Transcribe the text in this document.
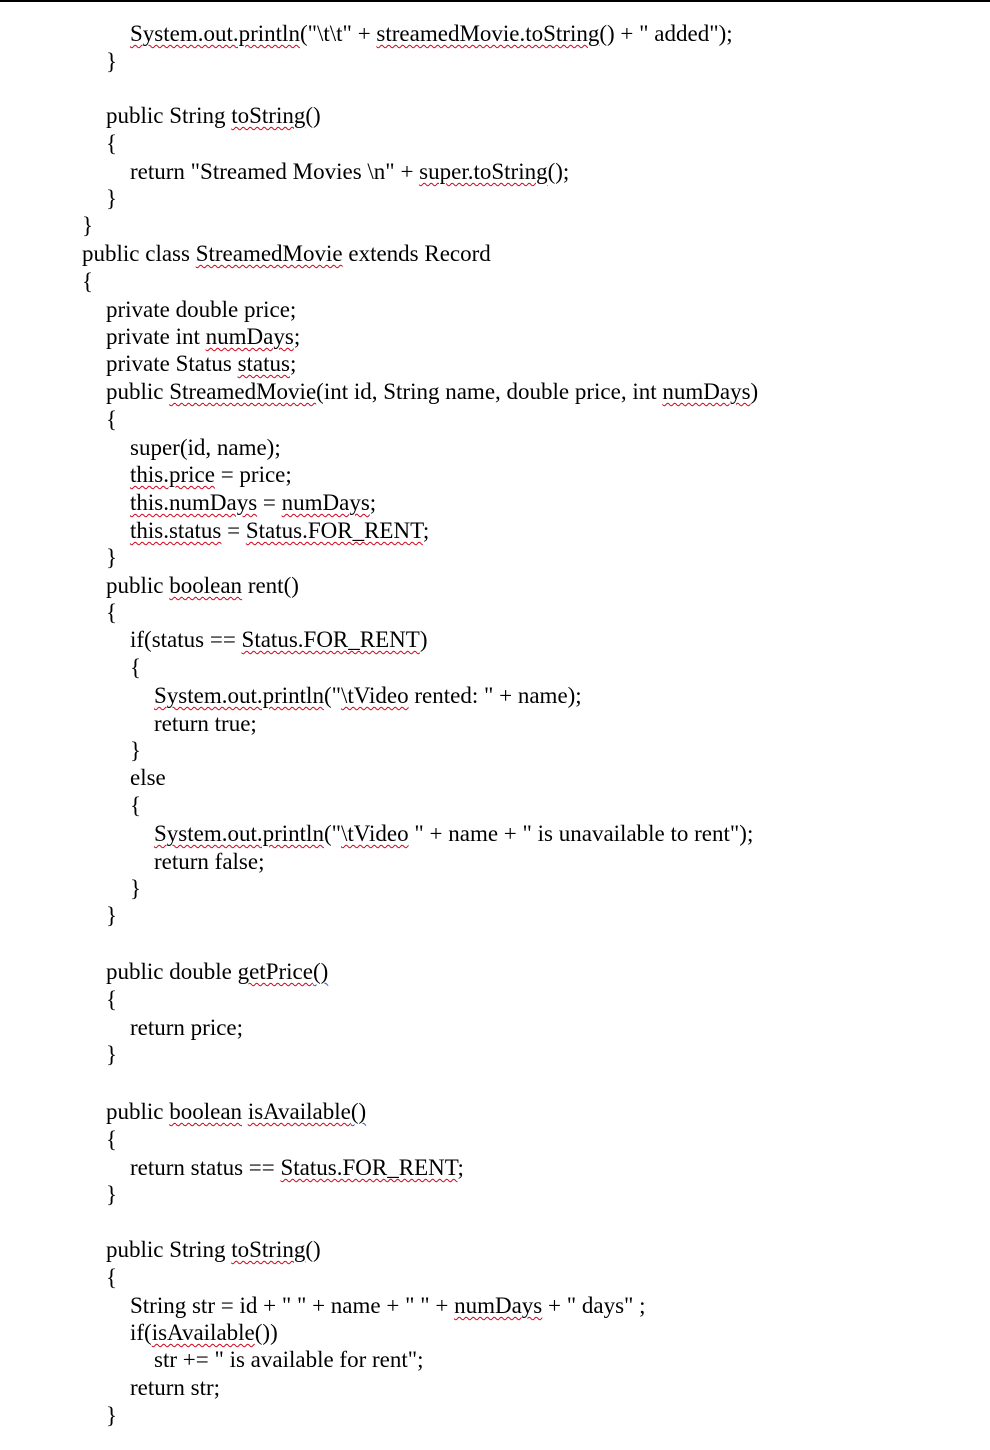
System.out.println("\t\t" + streamedMovie.toString() + " added");
}
public String toString()
{
return "Streamed Movies \n" + super.toString();
}
}
public class StreamedMovie extends Record
{
private double price;
private int numDays;
private Status status;
public StreamedMovie(int id, String name, double price, int numDays)
{
super(id, name);
this.price = price;
this.numDays = numDays;
this.status = Status.FOR_RENT;
}
public boolean rent()
{
if(status == Status.FOR_RENT)
{
System.out.println("\tVideo rented: " + name);
return true;
}
else
{
System.out.println("\tVideo " + name + " is unavailable to rent");
return false;
}
}
public double getPrice()
{
return price;
}
public boolean isAvailable()
{
return status == Status.FOR_RENT;
}
public String toString()
{
String str = id + " " + name + " " + numDays + " days" ;
if(isAvailable())
str += " is available for rent";
return str;
}
